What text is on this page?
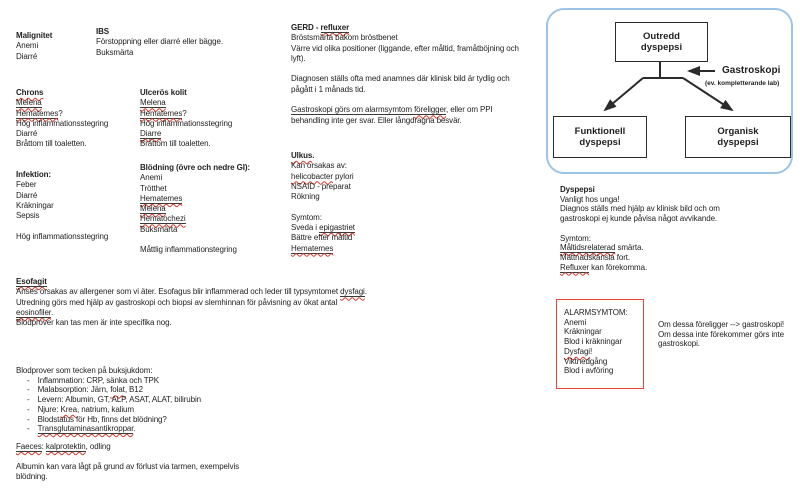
Malignitet
Anemi
Diarré
IBS
Förstoppning eller diarré eller bägge.
Buksmärta
Chrons
Melena
Hematemes?
Hög inflammationsstegring
Diarré
Bråttom till toaletten.
Ulcerös kolit
Melena
Hematemes?
Hög inflammationsstegring
Diarre
Bråttom till toaletten.
Infektion:
Feber
Diarré
Kräkningar
Sepsis

Hög inflammationsstegring
Blödning (övre och nedre GI):
Anemi
Trötthet
Hematemes
Melena
Hematochezi
Buksmärta

Måttlig inflammationstegring
Esofagit
Anses orsakas av allergener som vi äter. Esofagus blir inflammerad och leder till typsymtomet dysfagi.
Utredning görs med hjälp av gastroskopi och biopsi av slemhinnan för påvisning av ökat antal
eosinofiler.
Blodprover kan tas men är inte specifika nog.
Blodprover som tecken på buksjukdom:
- Inflammation: CRP, sänka och TPK
- Malabsorption: Järn, folat, B12
- Levern: Albumin, GT, ALP, ASAT, ALAT, bilirubin
- Njure: Krea, natrium, kalium
- Blodstatus för Hb, finns det blödning?
- Transglutaminasantikroppar.
Faeces: kalprotektin, odling
Albumin kan vara lågt på grund av förlust via tarmen, exempelvis
blödning.
GERD - refluxer
Bröstsmärta bakom bröstbenet
Värre vid olika positioner (liggande, efter måltid, framåtböjning och
lyft).

Diagnosen ställs ofta med anamnes där klinisk bild är tydlig och
pågått i 1 månads tid.

Gastroskopi görs om alarmsymtom föreligger, eller om PPI
behandling inte ger svar. Eller långdragna besvär.
Ulkus.
Kan orsakas av:
helicobacter pylori
NSAID - preparat
Rökning

Symtom:
Sveda i epigastriet
Bättre efter måltid
Hematemes
Outredd dyspepsi
Funktionell dyspepsi
Organisk dyspepsi
Gastroskopi
(ev. kompletterande lab)
Dyspepsi
Vanligt hos unga!
Diagnos ställs med hjälp av klinisk bild och om
gastroskopi ej kunde påvisa något avvikande.

Symtom:
Måltidsrelaterad smärta.
Mättnadskänsla fort.
Refluxer kan förekomma.
ALARMSYMTOM:
Anemi
Kräkningar
Blod i kräkningar
Dysfagi!
Viktnedgång
Blod i avföring
Om dessa föreligger --> gastroskopi!
Om dessa inte förekommer görs inte
gastroskopi.
